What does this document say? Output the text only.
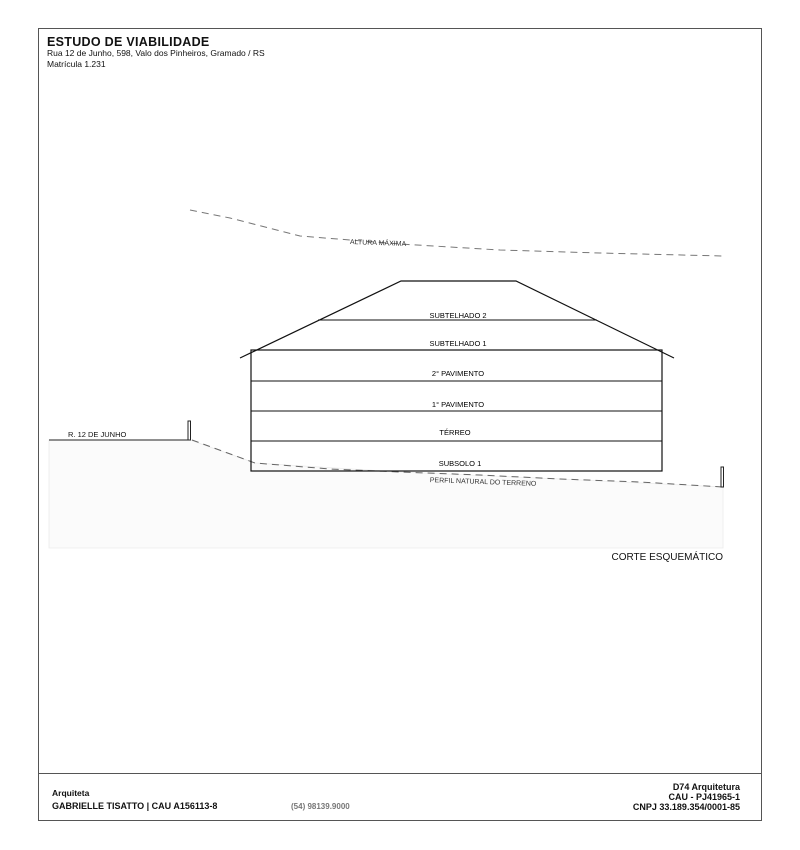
ALTURA MÁXIMA
R. 12 DE JUNHO
PERFIL NATURAL DO TERRENO
SUBTELHADO 2
SUBTELHADO 1
2° PAVIMENTO
1° PAVIMENTO
TÉRREO
SUBSOLO 1
CORTE ESQUEMÁTICO
ESTUDO DE VIABILIDADE
Rua 12 de Junho, 598, Valo dos Pinheiros, Gramado / RS
Matrícula 1.231
Arquiteta
GABRIELLE TISATTO | CAU A156113-8	(54) 98139.9000
D74 Arquitetura
CAU - PJ41965-1
CNPJ 33.189.354/0001-85
